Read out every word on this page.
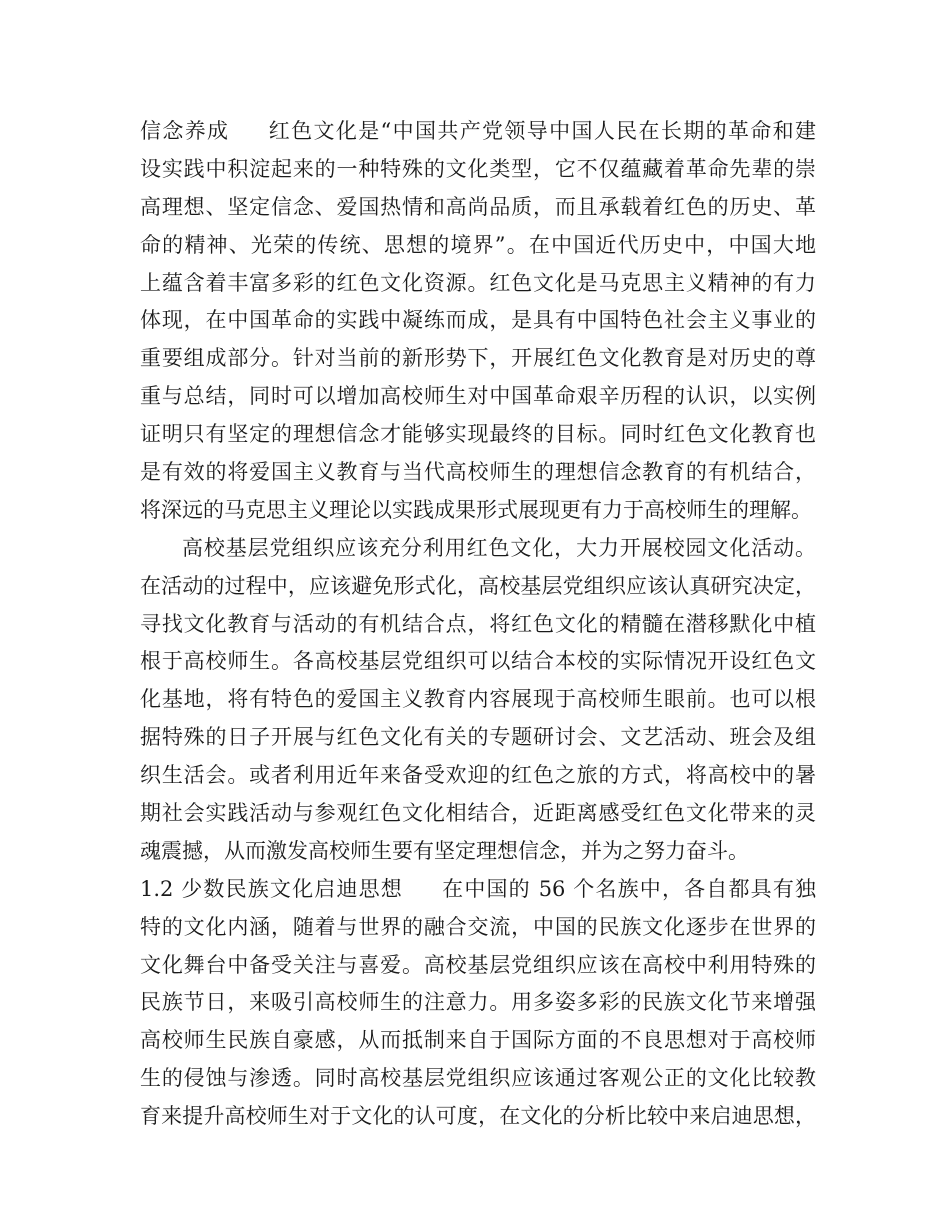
信念养成 红色文化是“中国共产党领导中国人民在长期的革命和建
设实践中积淀起来的一种特殊的文化类型，它不仅蕴藏着革命先辈的崇
高理想、坚定信念、爱国热情和高尚品质，而且承载着红色的历史、革
命的精神、光荣的传统、思想的境界”。在中国近代历史中，中国大地
上蕴含着丰富多彩的红色文化资源。红色文化是马克思主义精神的有力
体现，在中国革命的实践中凝练而成，是具有中国特色社会主义事业的
重要组成部分。针对当前的新形势下，开展红色文化教育是对历史的尊
重与总结，同时可以增加高校师生对中国革命艰辛历程的认识，以实例
证明只有坚定的理想信念才能够实现最终的目标。同时红色文化教育也
是有效的将爱国主义教育与当代高校师生的理想信念教育的有机结合，
将深远的马克思主义理论以实践成果形式展现更有力于高校师生的理解。
高校基层党组织应该充分利用红色文化，大力开展校园文化活动。
在活动的过程中，应该避免形式化，高校基层党组织应该认真研究决定，
寻找文化教育与活动的有机结合点，将红色文化的精髓在潜移默化中植
根于高校师生。各高校基层党组织可以结合本校的实际情况开设红色文
化基地，将有特色的爱国主义教育内容展现于高校师生眼前。也可以根
据特殊的日子开展与红色文化有关的专题研讨会、文艺活动、班会及组
织生活会。或者利用近年来备受欢迎的红色之旅的方式，将高校中的暑
期社会实践活动与参观红色文化相结合，近距离感受红色文化带来的灵
魂震撼，从而激发高校师生要有坚定理想信念，并为之努力奋斗。
1.2 少数民族文化启迪思想 在中国的 56 个名族中，各自都具有独
特的文化内涵，随着与世界的融合交流，中国的民族文化逐步在世界的
文化舞台中备受关注与喜爱。高校基层党组织应该在高校中利用特殊的
民族节日，来吸引高校师生的注意力。用多姿多彩的民族文化节来增强
高校师生民族自豪感，从而抵制来自于国际方面的不良思想对于高校师
生的侵蚀与渗透。同时高校基层党组织应该通过客观公正的文化比较教
育来提升高校师生对于文化的认可度，在文化的分析比较中来启迪思想，
